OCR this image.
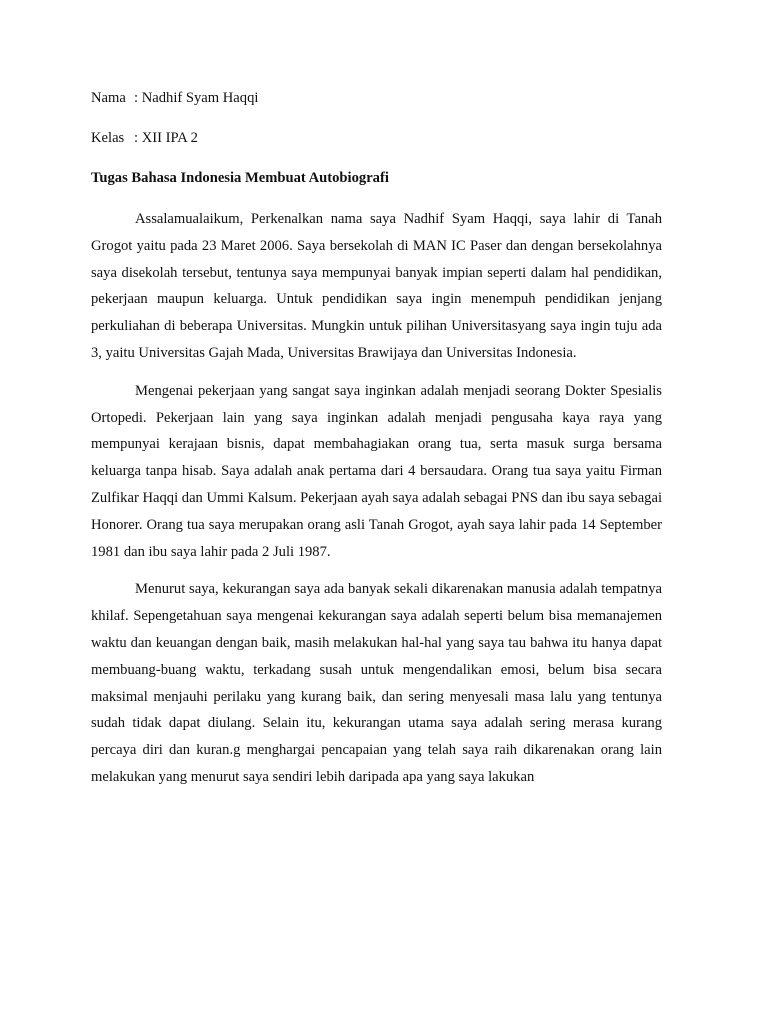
Nama : Nadhif Syam Haqqi
Kelas : XII IPA 2
Tugas Bahasa Indonesia Membuat Autobiografi

Assalamualaikum, Perkenalkan nama saya Nadhif Syam Haqqi, saya lahir di Tanah Grogot yaitu pada 23 Maret 2006. Saya bersekolah di MAN IC Paser dan dengan bersekolahnya saya disekolah tersebut, tentunya saya mempunyai banyak impian seperti dalam hal pendidikan, pekerjaan maupun keluarga. Untuk pendidikan saya ingin menempuh pendidikan jenjang perkuliahan di beberapa Universitas. Mungkin untuk pilihan Universitasyang saya ingin tuju ada 3, yaitu Universitas Gajah Mada, Universitas Brawijaya dan Universitas Indonesia.

Mengenai pekerjaan yang sangat saya inginkan adalah menjadi seorang Dokter Spesialis Ortopedi. Pekerjaan lain yang saya inginkan adalah menjadi pengusaha kaya raya yang mempunyai kerajaan bisnis, dapat membahagiakan orang tua, serta masuk surga bersama keluarga tanpa hisab. Saya adalah anak pertama dari 4 bersaudara. Orang tua saya yaitu Firman Zulfikar Haqqi dan Ummi Kalsum. Pekerjaan ayah saya adalah sebagai PNS dan ibu saya sebagai Honorer. Orang tua saya merupakan orang asli Tanah Grogot, ayah saya lahir pada 14 September 1981 dan ibu saya lahir pada 2 Juli 1987.

Menurut saya, kekurangan saya ada banyak sekali dikarenakan manusia adalah tempatnya khilaf. Sepengetahuan saya mengenai kekurangan saya adalah seperti belum bisa memanajemen waktu dan keuangan dengan baik, masih melakukan hal-hal yang saya tau bahwa itu hanya dapat membuang-buang waktu, terkadang susah untuk mengendalikan emosi, belum bisa secara maksimal menjauhi perilaku yang kurang baik, dan sering menyesali masa lalu yang tentunya sudah tidak dapat diulang. Selain itu, kekurangan utama saya adalah sering merasa kurang percaya diri dan kuran.g menghargai pencapaian yang telah saya raih dikarenakan orang lain melakukan yang menurut saya sendiri lebih daripada apa yang saya lakukan
